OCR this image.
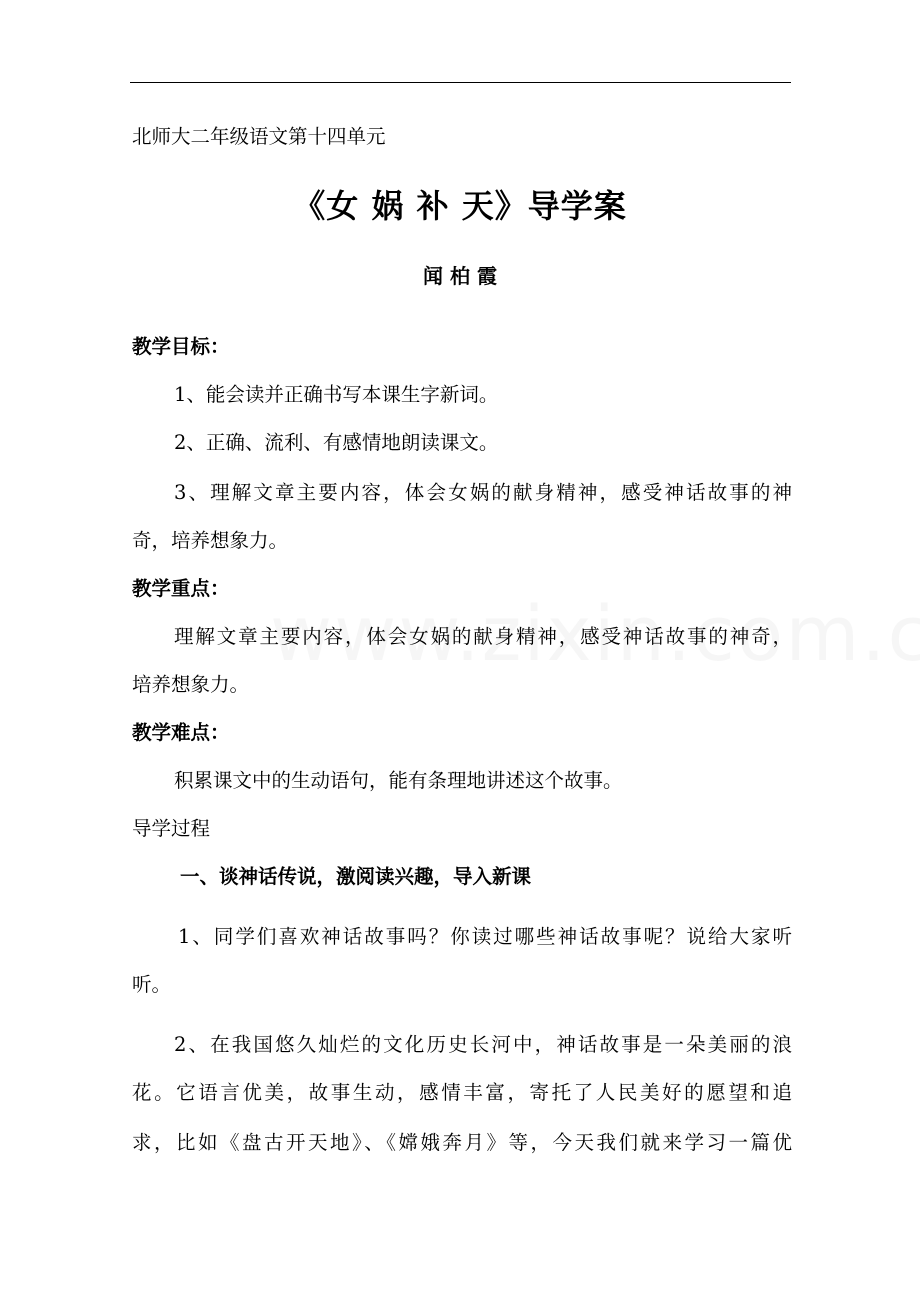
北师大二年级语文第十四单元
《女 娲 补 天》导学案
闻 柏 霞
教学目标：
1、能会读并正确书写本课生字新词。
2、正确、流利、有感情地朗读课文。
3、理解文章主要内容，体会女娲的献身精神，感受神话故事的神
奇，培养想象力。
教学重点：
理解文章主要内容，体会女娲的献身精神，感受神话故事的神奇，
培养想象力。
教学难点：
积累课文中的生动语句，能有条理地讲述这个故事。
导学过程
一、谈神话传说，激阅读兴趣，导入新课
1、同学们喜欢神话故事吗？你读过哪些神话故事呢？说给大家听
听。
2、在我国悠久灿烂的文化历史长河中，神话故事是一朵美丽的浪
花。它语言优美，故事生动，感情丰富，寄托了人民美好的愿望和追
求，比如《盘古开天地》、《嫦娥奔月》等，今天我们就来学习一篇优
